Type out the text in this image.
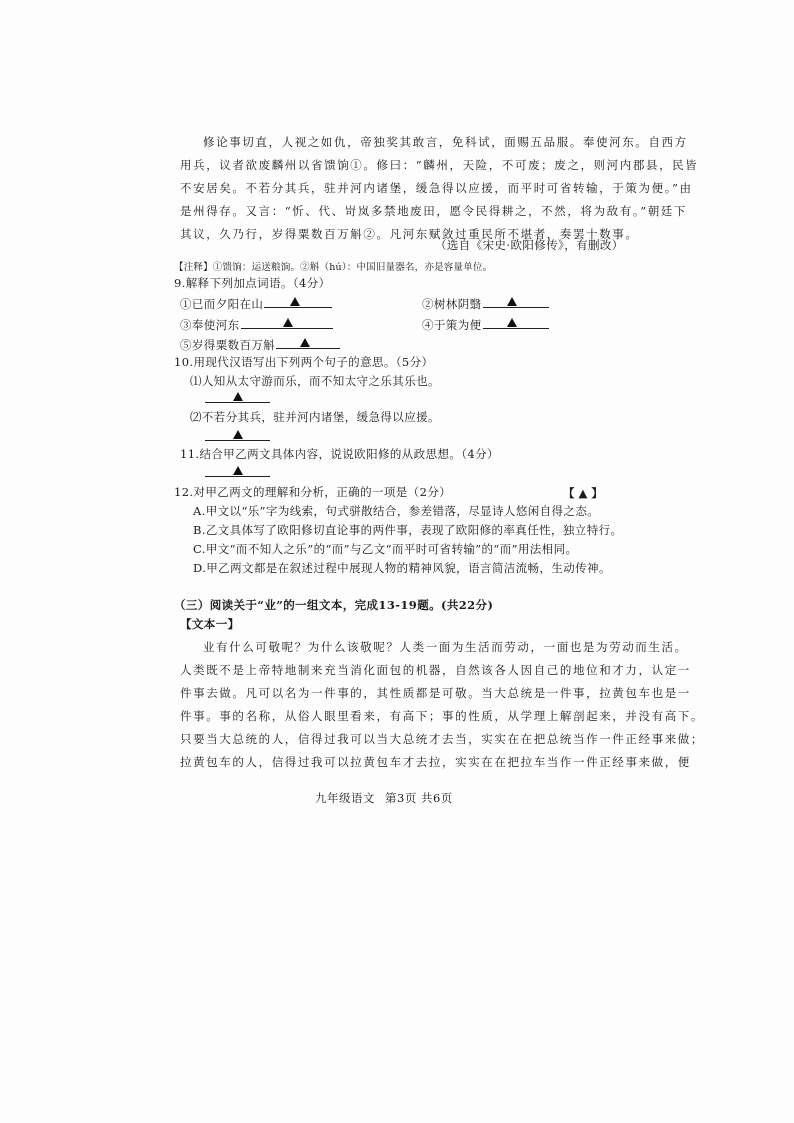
修论事切直，人视之如仇，帝独奖其敢言，免科试，面赐五品服。奉使河东。自西方
用兵，议者欲废麟州以省馈饷①。修曰：“麟州，天险，不可废；废之，则河内郡县，民皆
不安居矣。不若分其兵，驻并河内诸堡，缓急得以应援，而平时可省转输，于策为便。”由
是州得存。又言：“忻、代、岢岚多禁地废田，愿令民得耕之，不然，将为敌有。”朝廷下
其议，久乃行，岁得粟数百万斛②。凡河东赋敛过重民所不堪者，奏罢十数事。
（选自《宋史·欧阳修传》，有删改）
【注释】①馈饷：运送粮饷。②斛（hú）：中国旧量器名，亦是容量单位。
9.解释下列加点词语。（4分）
①已而夕阳在山	②树林阴翳
③奉使河东	④于策为便
⑤岁得粟数百万斛
10.用现代汉语写出下列两个句子的意思。（5分）
⑴人知从太守游而乐，而不知太守之乐其乐也。
⑵不若分其兵，驻并河内诸堡，缓急得以应援。
11.结合甲乙两文具体内容，说说欧阳修的从政思想。（4分）
12.对甲乙两文的理解和分析，正确的一项是（2分）	【 ▲ 】
A.甲文以“乐”字为线索，句式骈散结合，参差错落，尽显诗人悠闲自得之态。
B.乙文具体写了欧阳修切直论事的两件事，表现了欧阳修的率真任性，独立特行。
C.甲文“而不知人之乐”的“而”与乙文“而平时可省转输”的“而”用法相同。
D.甲乙两文都是在叙述过程中展现人物的精神风貌，语言简洁流畅，生动传神。
（三）阅读关于“业”的一组文本，完成13-19题。(共22分)
【文本一】
业有什么可敬呢？为什么该敬呢？人类一面为生活而劳动，一面也是为劳动而生活。
人类既不是上帝特地制来充当消化面包的机器，自然该各人因自己的地位和才力，认定一
件事去做。凡可以名为一件事的，其性质都是可敬。当大总统是一件事，拉黄包车也是一
件事。事的名称，从俗人眼里看来，有高下；事的性质，从学理上解剖起来，并没有高下。
只要当大总统的人，信得过我可以当大总统才去当，实实在在把总统当作一件正经事来做；
拉黄包车的人，信得过我可以拉黄包车才去拉，实实在在把拉车当作一件正经事来做，便
九年级语文 第3页 共6页
